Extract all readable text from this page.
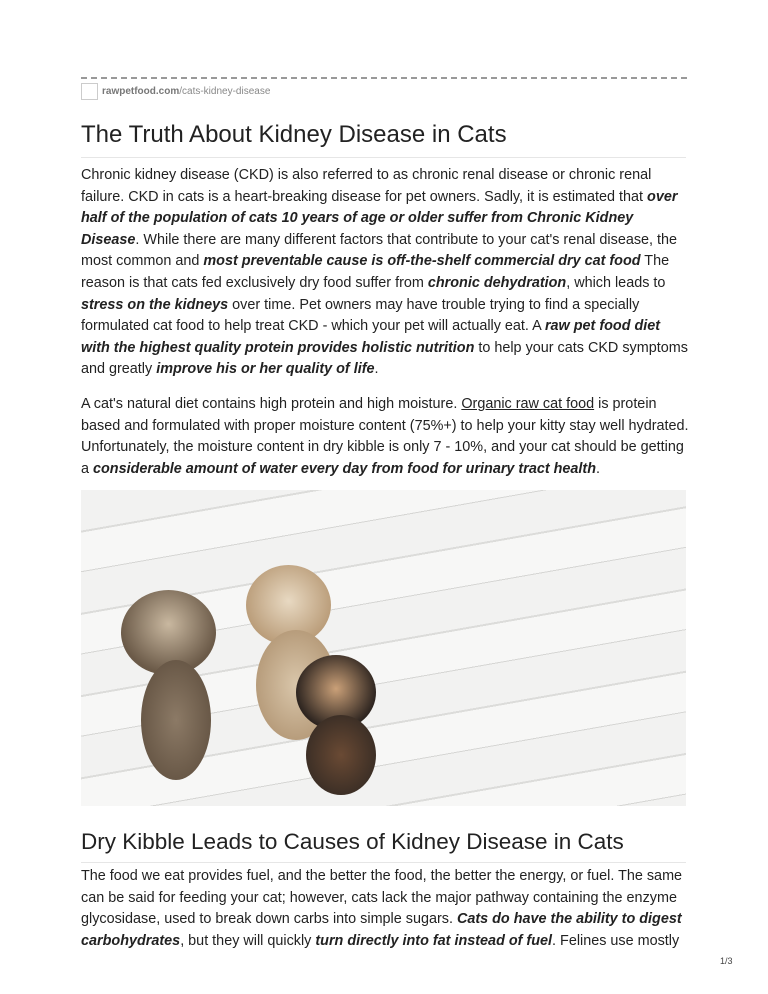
rawpetfood.com /cats-kidney-disease
The Truth About Kidney Disease in Cats

Chronic kidney disease (CKD) is also referred to as chronic renal disease or chronic renal failure. CKD in cats is a heart-breaking disease for pet owners. Sadly, it is estimated that over half of the population of cats 10 years of age or older suffer from Chronic Kidney Disease. While there are many different factors that contribute to your cat's renal disease, the most common and most preventable cause is off-the-shelf commercial dry cat food The reason is that cats fed exclusively dry food suffer from chronic dehydration, which leads to stress on the kidneys over time. Pet owners may have trouble trying to find a specially formulated cat food to help treat CKD - which your pet will actually eat. A raw pet food diet with the highest quality protein provides holistic nutrition to help your cats CKD symptoms and greatly improve his or her quality of life.

A cat's natural diet contains high protein and high moisture. Organic raw cat food is protein based and formulated with proper moisture content (75%+) to help your kitty stay well hydrated. Unfortunately, the moisture content in dry kibble is only 7 - 10%, and your cat should be getting a considerable amount of water every day from food for urinary tract health.

Dry Kibble Leads to Causes of Kidney Disease in Cats

The food we eat provides fuel, and the better the food, the better the energy, or fuel. The same can be said for feeding your cat; however, cats lack the major pathway containing the enzyme glycosidase, used to break down carbs into simple sugars. Cats do have the ability to digest carbohydrates, but they will quickly turn directly into fat instead of fuel. Felines use mostly

1/3
